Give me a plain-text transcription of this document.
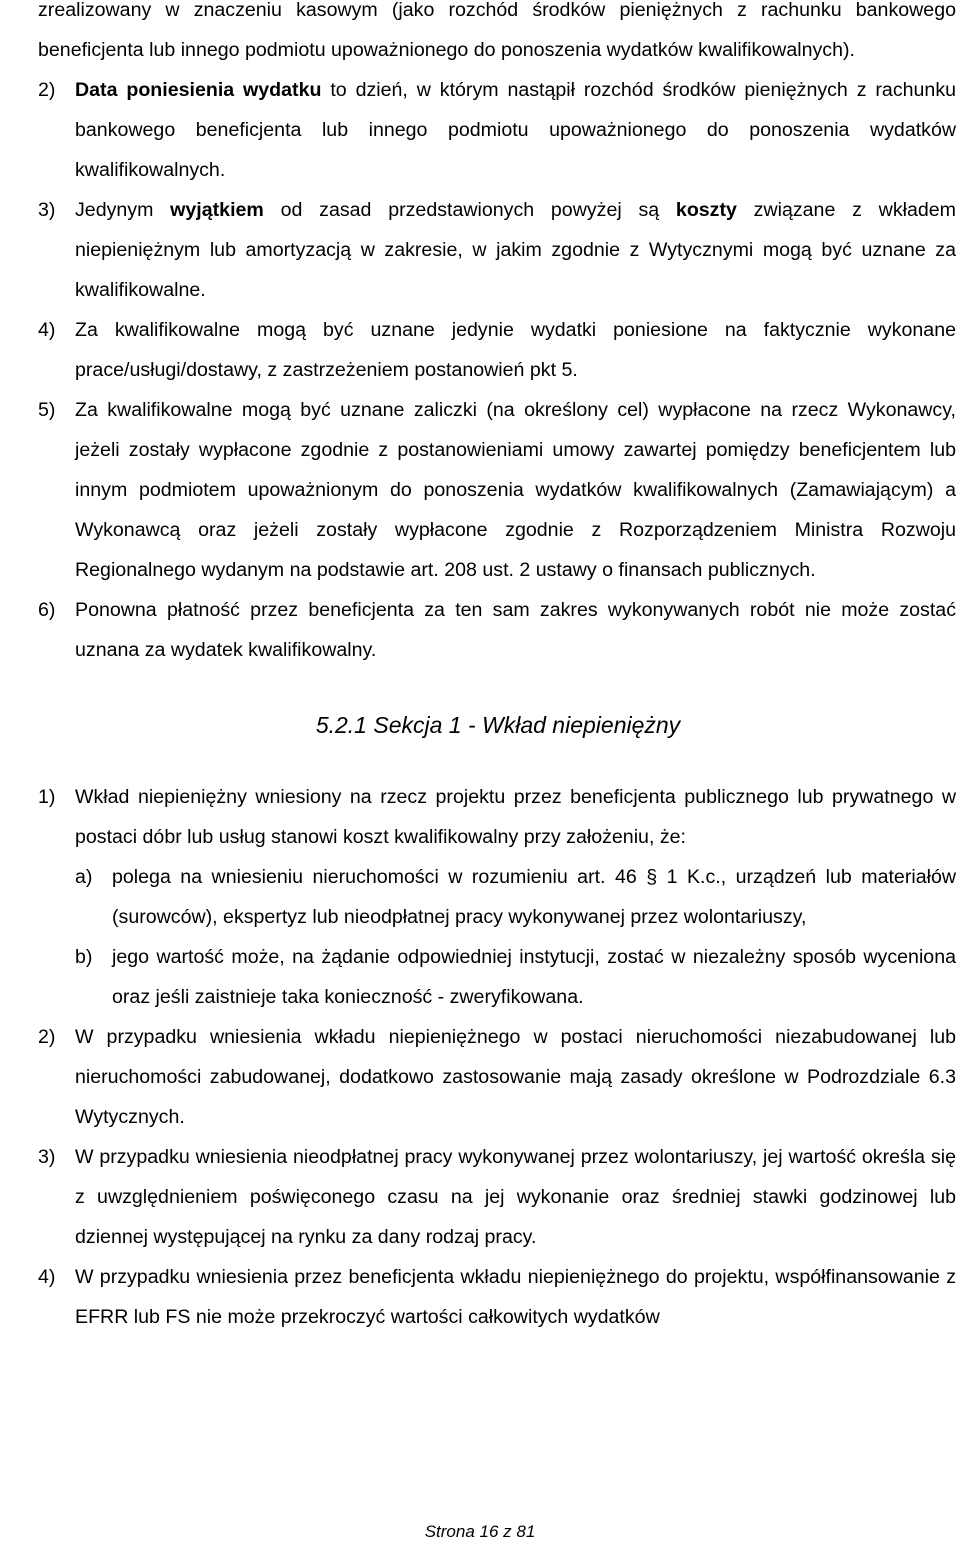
zrealizowany w znaczeniu kasowym (jako rozchód środków pieniężnych z rachunku bankowego beneficjenta lub innego podmiotu upoważnionego do ponoszenia wydatków kwalifikowalnych).

2) Data poniesienia wydatku to dzień, w którym nastąpił rozchód środków pieniężnych z rachunku bankowego beneficjenta lub innego podmiotu upoważnionego do ponoszenia wydatków kwalifikowalnych.

3) Jedynym wyjątkiem od zasad przedstawionych powyżej są koszty związane z wkładem niepieniężnym lub amortyzacją w zakresie, w jakim zgodnie z Wytycznymi mogą być uznane za kwalifikowalne.

4) Za kwalifikowalne mogą być uznane jedynie wydatki poniesione na faktycznie wykonane prace/usługi/dostawy, z zastrzeżeniem postanowień pkt 5.

5) Za kwalifikowalne mogą być uznane zaliczki (na określony cel) wypłacone na rzecz Wykonawcy, jeżeli zostały wypłacone zgodnie z postanowieniami umowy zawartej pomiędzy beneficjentem lub innym podmiotem upoważnionym do ponoszenia wydatków kwalifikowalnych (Zamawiającym) a Wykonawcą oraz jeżeli zostały wypłacone zgodnie z Rozporządzeniem Ministra Rozwoju Regionalnego wydanym na podstawie art. 208 ust. 2 ustawy o finansach publicznych.

6) Ponowna płatność przez beneficjenta za ten sam zakres wykonywanych robót nie może zostać uznana za wydatek kwalifikowalny.

5.2.1 Sekcja 1 - Wkład niepieniężny
1) Wkład niepieniężny wniesiony na rzecz projektu przez beneficjenta publicznego lub prywatnego w postaci dóbr lub usług stanowi koszt kwalifikowalny przy założeniu, że:

a) polega na wniesieniu nieruchomości w rozumieniu art. 46 § 1 K.c., urządzeń lub materiałów (surowców), ekspertyz lub nieodpłatnej pracy wykonywanej przez wolontariuszy,

b) jego wartość może, na żądanie odpowiedniej instytucji, zostać w niezależny sposób wyceniona oraz jeśli zaistnieje taka konieczność - zweryfikowana.

2) W przypadku wniesienia wkładu niepieniężnego w postaci nieruchomości niezabudowanej lub nieruchomości zabudowanej, dodatkowo zastosowanie mają zasady określone w Podrozdziale 6.3 Wytycznych.

3) W przypadku wniesienia nieodpłatnej pracy wykonywanej przez wolontariuszy, jej wartość określa się z uwzględnieniem poświęconego czasu na jej wykonanie oraz średniej stawki godzinowej lub dziennej występującej na rynku za dany rodzaj pracy.

4) W przypadku wniesienia przez beneficjenta wkładu niepieniężnego do projektu, współfinansowanie z EFRR lub FS nie może przekroczyć wartości całkowitych wydatków

Strona 16 z 81
